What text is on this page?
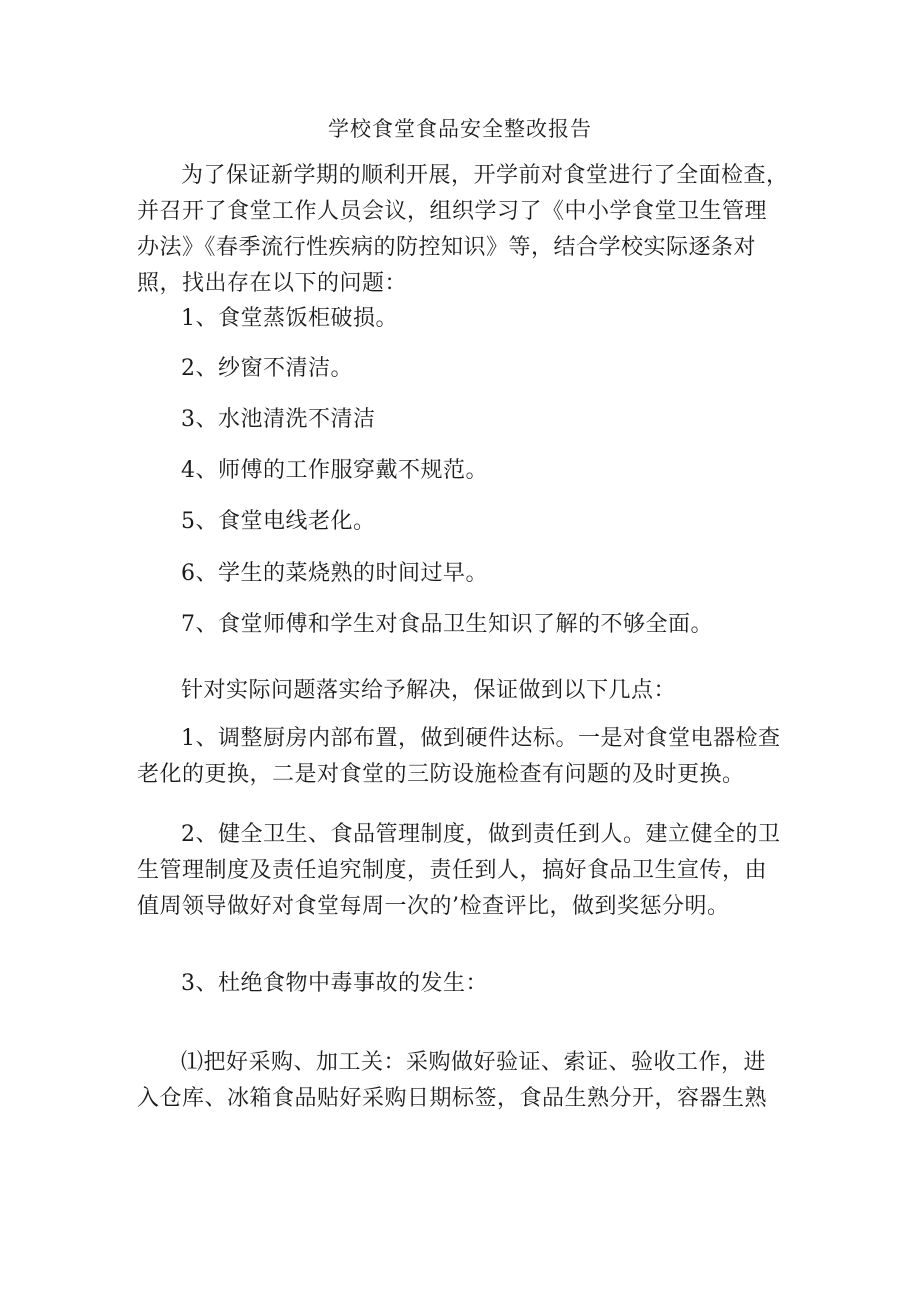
学校食堂食品安全整改报告
为了保证新学期的顺利开展，开学前对食堂进行了全面检查，
并召开了食堂工作人员会议，组织学习了《中小学食堂卫生管理
办法》《春季流行性疾病的防控知识》等，结合学校实际逐条对
照，找出存在以下的问题：
1、食堂蒸饭柜破损。
2、纱窗不清洁。
3、水池清洗不清洁
4、师傅的工作服穿戴不规范。
5、食堂电线老化。
6、学生的菜烧熟的时间过早。
7、食堂师傅和学生对食品卫生知识了解的不够全面。
针对实际问题落实给予解决，保证做到以下几点：
1、调整厨房内部布置，做到硬件达标。一是对食堂电器检查
老化的更换，二是对食堂的三防设施检查有问题的及时更换。
2、健全卫生、食品管理制度，做到责任到人。建立健全的卫
生管理制度及责任追究制度，责任到人，搞好食品卫生宣传，由
值周领导做好对食堂每周一次的’检查评比，做到奖惩分明。
3、杜绝食物中毒事故的发生：
⑴把好采购、加工关：采购做好验证、索证、验收工作，进
入仓库、冰箱食品贴好采购日期标签，食品生熟分开，容器生熟
